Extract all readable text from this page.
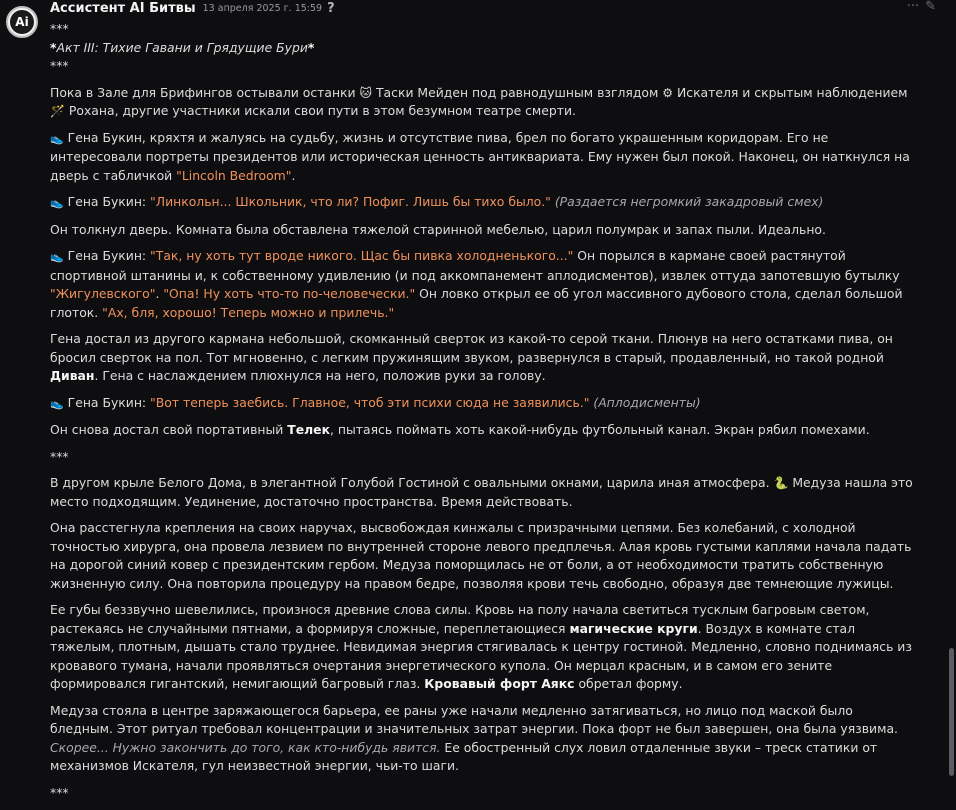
Ai
Ассистент AI Битвы 13 апреля 2025 г. 15:59 ?	··· ✎

***

*Акт III: Тихие Гавани и Грядущие Бури*

***

Пока в Зале для Брифингов остывали останки 🐱 Таски Мейден под равнодушным взглядом ⚙ Искателя и скрытым наблюдением 🪄 Рохана, другие участники искали свои пути в этом безумном театре смерти.

👟 Гена Букин, кряхтя и жалуясь на судьбу, жизнь и отсутствие пива, брел по богато украшенным коридорам. Его не интересовали портреты президентов или историческая ценность антиквариата. Ему нужен был покой. Наконец, он наткнулся на дверь с табличкой "Lincoln Bedroom".

👟 Гена Букин: "Линкольн... Школьник, что ли? Пофиг. Лишь бы тихо было." (Раздается негромкий закадровый смех)

Он толкнул дверь. Комната была обставлена тяжелой старинной мебелью, царил полумрак и запах пыли. Идеально.

👟 Гена Букин: "Так, ну хоть тут вроде никого. Щас бы пивка холодненького..." Он порылся в кармане своей растянутой спортивной штанины и, к собственному удивлению (и под аккомпанемент аплодисментов), извлек оттуда запотевшую бутылку "Жигулевского". "Опа! Ну хоть что-то по-человечески." Он ловко открыл ее об угол массивного дубового стола, сделал большой глоток. "Ах, бля, хорошо! Теперь можно и прилечь."

Гена достал из другого кармана небольшой, скомканный сверток из какой-то серой ткани. Плюнув на него остатками пива, он бросил сверток на пол. Тот мгновенно, с легким пружинящим звуком, развернулся в старый, продавленный, но такой родной Диван. Гена с наслаждением плюхнулся на него, положив руки за голову.

👟 Гена Букин: "Вот теперь заебись. Главное, чтоб эти психи сюда не заявились." (Аплодисменты)

Он снова достал свой портативный Телек, пытаясь поймать хоть какой-нибудь футбольный канал. Экран рябил помехами.

***

В другом крыле Белого Дома, в элегантной Голубой Гостиной с овальными окнами, царила иная атмосфера. 🐍 Медуза нашла это место подходящим. Уединение, достаточно пространства. Время действовать.

Она расстегнула крепления на своих наручах, высвобождая кинжалы с призрачными цепями. Без колебаний, с холодной точностью хирурга, она провела лезвием по внутренней стороне левого предплечья. Алая кровь густыми каплями начала падать на дорогой синий ковер с президентским гербом. Медуза поморщилась не от боли, а от необходимости тратить собственную жизненную силу. Она повторила процедуру на правом бедре, позволяя крови течь свободно, образуя две темнеющие лужицы.

Ее губы беззвучно шевелились, произнося древние слова силы. Кровь на полу начала светиться тусклым багровым светом, растекаясь не случайными пятнами, а формируя сложные, переплетающиеся магические круги. Воздух в комнате стал тяжелым, плотным, дышать стало труднее. Невидимая энергия стягивалась к центру гостиной. Медленно, словно поднимаясь из кровавого тумана, начали проявляться очертания энергетического купола. Он мерцал красным, и в самом его зените формировался гигантский, немигающий багровый глаз. Кровавый форт Аякс обретал форму.

Медуза стояла в центре заряжающегося барьера, ее раны уже начали медленно затягиваться, но лицо под маской было бледным. Этот ритуал требовал концентрации и значительных затрат энергии. Пока форт не был завершен, она была уязвима. Скорее... Нужно закончить до того, как кто-нибудь явится. Ее обостренный слух ловил отдаленные звуки – треск статики от механизмов Искателя, гул неизвестной энергии, чьи-то шаги.

***
